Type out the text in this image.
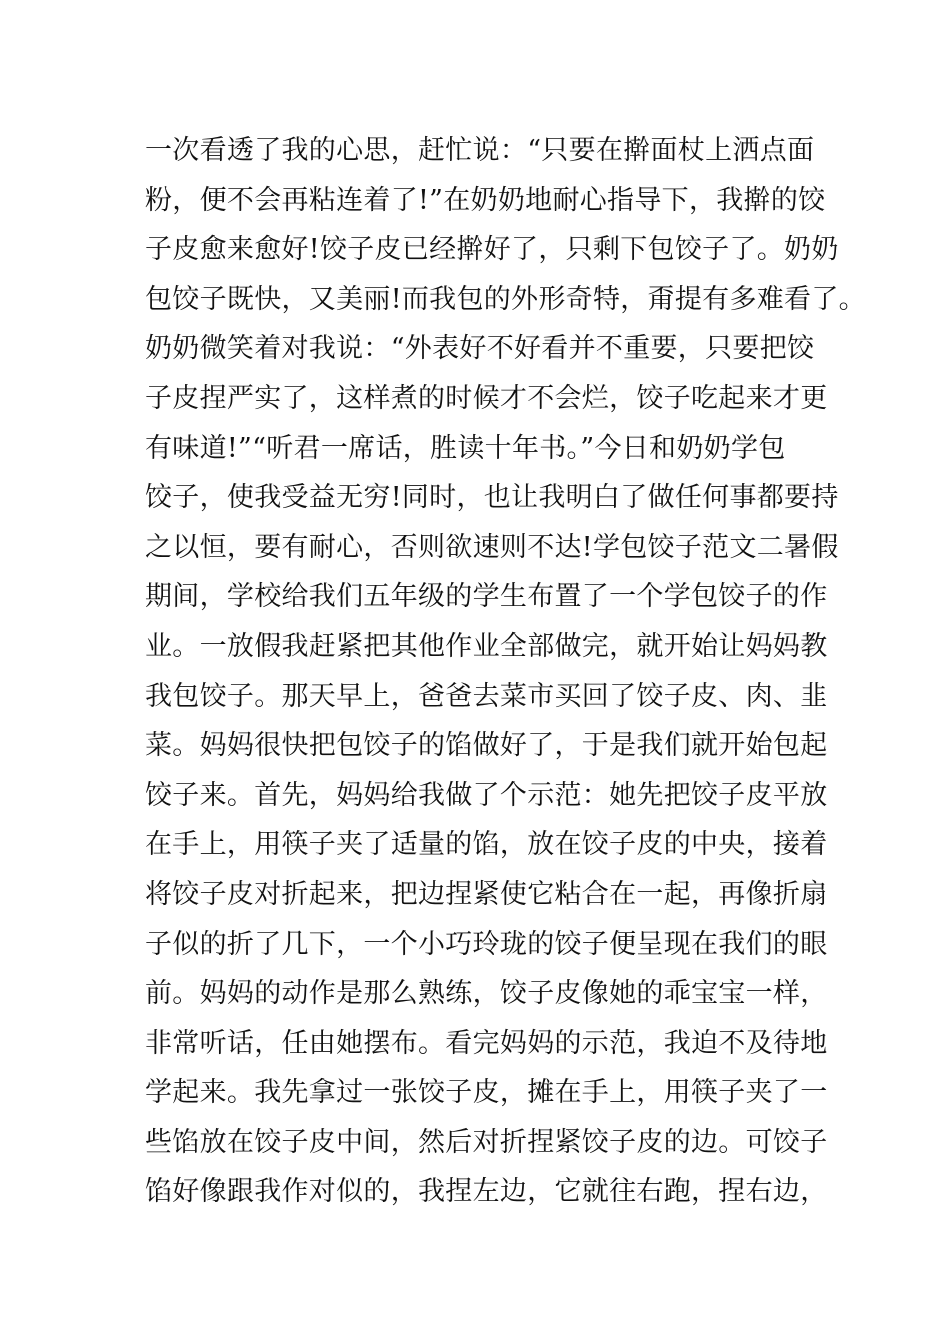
一次看透了我的心思，赶忙说：“只要在擀面杖上洒点面
粉，便不会再粘连着了!”在奶奶地耐心指导下，我擀的饺
子皮愈来愈好!饺子皮已经擀好了，只剩下包饺子了。奶奶
包饺子既快，又美丽!而我包的外形奇特，甭提有多难看了。
奶奶微笑着对我说：“外表好不好看并不重要，只要把饺
子皮捏严实了，这样煮的时候才不会烂，饺子吃起来才更
有味道!”“听君一席话，胜读十年书。”今日和奶奶学包
饺子，使我受益无穷!同时，也让我明白了做任何事都要持
之以恒，要有耐心，否则欲速则不达!学包饺子范文二暑假
期间，学校给我们五年级的学生布置了一个学包饺子的作
业。一放假我赶紧把其他作业全部做完，就开始让妈妈教
我包饺子。那天早上，爸爸去菜市买回了饺子皮、肉、韭
菜。妈妈很快把包饺子的馅做好了，于是我们就开始包起
饺子来。首先，妈妈给我做了个示范：她先把饺子皮平放
在手上，用筷子夹了适量的馅，放在饺子皮的中央，接着
将饺子皮对折起来，把边捏紧使它粘合在一起，再像折扇
子似的折了几下，一个小巧玲珑的饺子便呈现在我们的眼
前。妈妈的动作是那么熟练，饺子皮像她的乖宝宝一样，
非常听话，任由她摆布。看完妈妈的示范，我迫不及待地
学起来。我先拿过一张饺子皮，摊在手上，用筷子夹了一
些馅放在饺子皮中间，然后对折捏紧饺子皮的边。可饺子
馅好像跟我作对似的，我捏左边，它就往右跑，捏右边，
